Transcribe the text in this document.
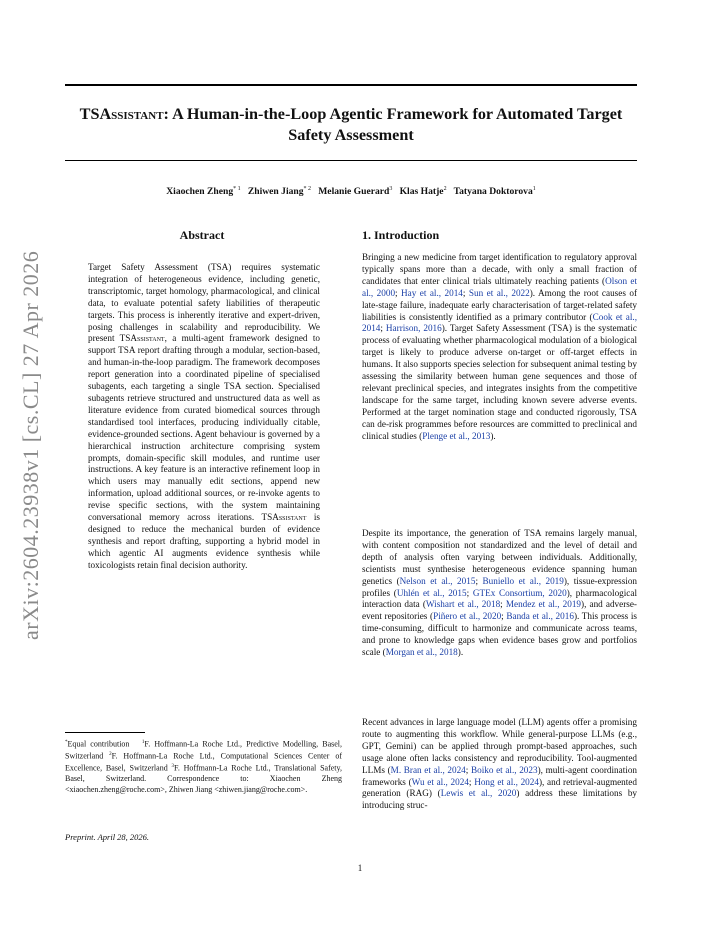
arXiv:2604.23938v1 [cs.CL] 27 Apr 2026
TSAssistant: A Human-in-the-Loop Agentic Framework for Automated Target Safety Assessment
Xiaochen Zheng$^{* 1}$ Zhiwen Jiang$^{* 2}$ Melanie Guerard$^3$ Klas Hatje$^2$ Tatyana Doktorova$^1$
Abstract

Target Safety Assessment (TSA) requires systematic integration of heterogeneous evidence, including genetic, transcriptomic, target homology, pharmacological, and clinical data, to evaluate potential safety liabilities of therapeutic targets. This process is inherently iterative and expert-driven, posing challenges in scalability and reproducibility. We present TSAssistant, a multi-agent framework designed to support TSA report drafting through a modular, section-based, and human-in-the-loop paradigm. The framework decomposes report generation into a coordinated pipeline of specialised subagents, each targeting a single TSA section. Specialised subagents retrieve structured and unstructured data as well as literature evidence from curated biomedical sources through standardised tool interfaces, producing individually citable, evidence-grounded sections. Agent behaviour is governed by a hierarchical instruction architecture comprising system prompts, domain-specific skill modules, and runtime user instructions. A key feature is an interactive refinement loop in which users may manually edit sections, append new information, upload additional sources, or re-invoke agents to revise specific sections, with the system maintaining conversational memory across iterations. TSAssistant is designed to reduce the mechanical burden of evidence synthesis and report drafting, supporting a hybrid model in which agentic AI augments evidence synthesis while toxicologists retain final decision authority.

*Equal contribution   $^1$F. Hoffmann-La Roche Ltd., Predictive Modelling, Basel, Switzerland $^2$F. Hoffmann-La Roche Ltd., Computational Sciences Center of Excellence, Basel, Switzerland $^3$F. Hoffmann-La Roche Ltd., Translational Safety, Basel, Switzerland. Correspondence to: Xiaochen Zheng <xiaochen.zheng@roche.com>, Zhiwen Jiang <zhiwen.jiang@roche.com>.

Preprint. April 28, 2026.
1. Introduction

Bringing a new medicine from target identification to regulatory approval typically spans more than a decade, with only a small fraction of candidates that enter clinical trials ultimately reaching patients (Olson et al., 2000; Hay et al., 2014; Sun et al., 2022). Among the root causes of late-stage failure, inadequate early characterisation of target-related safety liabilities is consistently identified as a primary contributor (Cook et al., 2014; Harrison, 2016). Target Safety Assessment (TSA) is the systematic process of evaluating whether pharmacological modulation of a biological target is likely to produce adverse on-target or off-target effects in humans. It also supports species selection for subsequent animal testing by assessing the similarity between human gene sequences and those of relevant preclinical species, and integrates insights from the competitive landscape for the same target, including known severe adverse events. Performed at the target nomination stage and conducted rigorously, TSA can de-risk programmes before resources are committed to preclinical and clinical studies (Plenge et al., 2013).

Despite its importance, the generation of TSA remains largely manual, with content composition not standardized and the level of detail and depth of analysis often varying between individuals. Additionally, scientists must synthesise heterogeneous evidence spanning human genetics (Nelson et al., 2015; Buniello et al., 2019), tissue-expression profiles (Uhlén et al., 2015; GTEx Consortium, 2020), pharmacological interaction data (Wishart et al., 2018; Mendez et al., 2019), and adverse-event repositories (Piñero et al., 2020; Banda et al., 2016). This process is time-consuming, difficult to harmonize and communicate across teams, and prone to knowledge gaps when evidence bases grow and portfolios scale (Morgan et al., 2018).

Recent advances in large language model (LLM) agents offer a promising route to augmenting this workflow. While general-purpose LLMs (e.g., GPT, Gemini) can be applied through prompt-based approaches, such usage alone often lacks consistency and reproducibility. Tool-augmented LLMs (M. Bran et al., 2024; Boiko et al., 2023), multi-agent coordination frameworks (Wu et al., 2024; Hong et al., 2024), and retrieval-augmented generation (RAG) (Lewis et al., 2020) address these limitations by introducing struc-

1
